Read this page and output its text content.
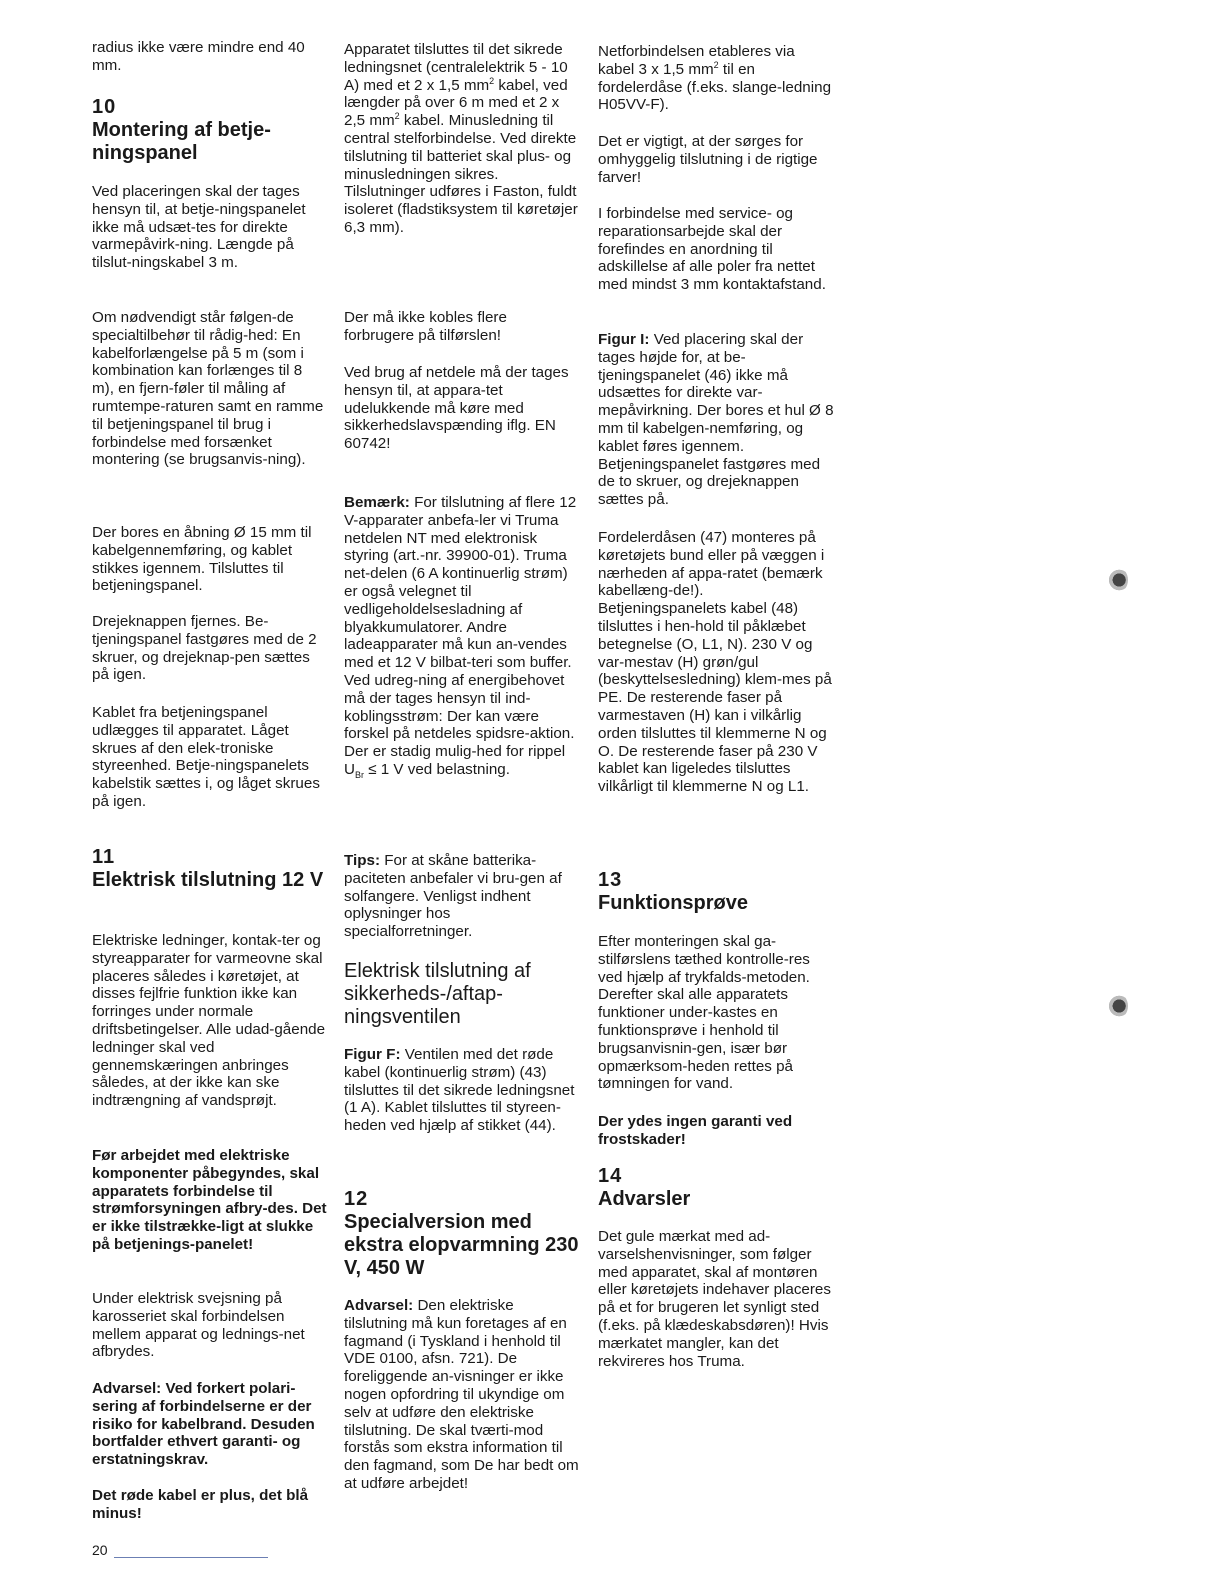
radius ikke være mindre end 40 mm.

10
Montering af betje-ningspanel

Ved placeringen skal der tages hensyn til, at betje-ningspanelet ikke må udsæt-tes for direkte varmepåvirk-ning. Længde på tilslut-ningskabel 3 m.

Om nødvendigt står følgen-de specialtilbehør til rådig-hed: En kabelforlængelse på 5 m (som i kombination kan forlænges til 8 m), en fjern-føler til måling af rumtempe-raturen samt en ramme til betjeningspanel til brug i forbindelse med forsænket montering (se brugsanvis-ning).

Der bores en åbning Ø 15 mm til kabelgennemføring, og kablet stikkes igennem. Tilsluttes til betjeningspanel.

Drejeknappen fjernes. Be-tjeningspanel fastgøres med de 2 skruer, og drejeknap-pen sættes på igen.

Kablet fra betjeningspanel udlægges til apparatet. Låget skrues af den elek-troniske styreenhed. Betje-ningspanelets kabelstik sættes i, og låget skrues på igen.

11
Elektrisk tilslutning 12 V

Elektriske ledninger, kontak-ter og styreapparater for varmeovne skal placeres således i køretøjet, at disses fejlfrie funktion ikke kan forringes under normale driftsbetingelser. Alle udad-gående ledninger skal ved gennemskæringen anbringes således, at der ikke kan ske indtrængning af vandsprøjt.

Før arbejdet med elektriske komponenter påbegyndes, skal apparatets forbindelse til strømforsyningen afbry-des. Det er ikke tilstrække-ligt at slukke på betjenings-panelet!

Under elektrisk svejsning på karosseriet skal forbindelsen mellem apparat og lednings-net afbrydes.

Advarsel: Ved forkert polari-sering af forbindelserne er der risiko for kabelbrand. Desuden bortfalder ethvert garanti- og erstatningskrav.

Det røde kabel er plus, det blå minus!

Apparatet tilsluttes til det sikrede ledningsnet (centralelektrik 5 - 10 A) med et 2 x 1,5 $mm^2$ kabel, ved længder på over 6 m med et 2 x 2,5 $mm^2$ kabel. Minusledning til central stelforbindelse. Ved direkte tilslutning til batteriet skal plus- og minusledningen sikres. Tilslutninger udføres i Faston, fuldt isoleret (fladstiksystem til køretøjer 6,3 mm).

Der må ikke kobles flere forbrugere på tilførslen!

Ved brug af netdele må der tages hensyn til, at appara-tet udelukkende må køre med sikkerhedslavspænding iflg. EN 60742!

Bemærk: For tilslutning af flere 12 V-apparater anbefa-ler vi Truma netdelen NT med elektronisk styring (art.-nr. 39900-01). Truma net-delen (6 A kontinuerlig strøm) er også velegnet til vedligeholdelsesladning af blyakkumulatorer. Andre ladeapparater må kun an-vendes med et 12 V bilbat-teri som buffer. Ved udreg-ning af energibehovet må der tages hensyn til ind-koblingsstrøm: Der kan være forskel på netdeles spidsre-aktion. Der er stadig mulig-hed for rippel $U_{Br} \le 1$ V ved belastning.

Tips: For at skåne batterika-paciteten anbefaler vi bru-gen af solfangere. Venligst indhent oplysninger hos specialforretninger.

Elektrisk tilslutning af sikkerheds-/aftap-ningsventilen

Figur F: Ventilen med det røde kabel (kontinuerlig strøm) (43) tilsluttes til det sikrede ledningsnet (1 A). Kablet tilsluttes til styreen-heden ved hjælp af stikket (44).

12
Specialversion med ekstra elopvarmning 230 V, 450 W

Advarsel: Den elektriske tilslutning må kun foretages af en fagmand (i Tyskland i henhold til VDE 0100, afsn. 721). De foreliggende an-visninger er ikke nogen opfordring til ukyndige om selv at udføre den elektriske tilslutning. De skal tværti-mod forstås som ekstra information til den fagmand, som De har bedt om at udføre arbejdet!

Netforbindelsen etableres via kabel 3 x 1,5 $mm^2$ til en fordelerdåse (f.eks. slange-ledning H05VV-F).

Det er vigtigt, at der sørges for omhyggelig tilslutning i de rigtige farver!

I forbindelse med service- og reparationsarbejde skal der forefindes en anordning til adskillelse af alle poler fra nettet med mindst 3 mm kontaktafstand.

Figur I: Ved placering skal der tages højde for, at be-tjeningspanelet (46) ikke må udsættes for direkte var-mepåvirkning. Der bores et hul Ø 8 mm til kabelgen-nemføring, og kablet føres igennem. Betjeningspanelet fastgøres med de to skruer, og drejeknappen sættes på.

Fordelerdåsen (47) monteres på køretøjets bund eller på væggen i nærheden af appa-ratet (bemærk kabellæng-de!). Betjeningspanelets kabel (48) tilsluttes i hen-hold til påklæbet betegnelse (O, L1, N). 230 V og var-mestav (H) grøn/gul (beskyttelsesledning) klem-mes på PE. De resterende faser på varmestaven (H) kan i vilkårlig orden tilsluttes til klemmerne N og O. De resterende faser på 230 V kablet kan ligeledes tilsluttes vilkårligt til klemmerne N og L1.

13
Funktionsprøve

Efter monteringen skal ga-stilførslens tæthed kontrolle-res ved hjælp af trykfalds-metoden. Derefter skal alle apparatets funktioner under-kastes en funktionsprøve i henhold til brugsanvisnin-gen, især bør opmærksom-heden rettes på tømningen for vand.

Der ydes ingen garanti ved frostskader!

14
Advarsler

Det gule mærkat med ad-varselshenvisninger, som følger med apparatet, skal af montøren eller køretøjets indehaver placeres på et for brugeren let synligt sted (f.eks. på klædeskabsdøren)! Hvis mærkatet mangler, kan det rekvireres hos Truma.

20
